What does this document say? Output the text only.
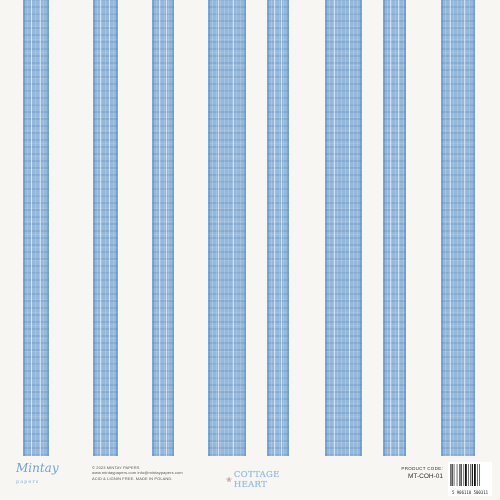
Mintay
papers
© 2023 MINTAY PAPERS
www.mintaypapers.com info@mintaypapers.com
ACID & LIGNIN FREE. MADE IN POLAND.	❀
COTTAGE HEART
PRODUCT CODE:
MT-COH-01
5 906118 500311
